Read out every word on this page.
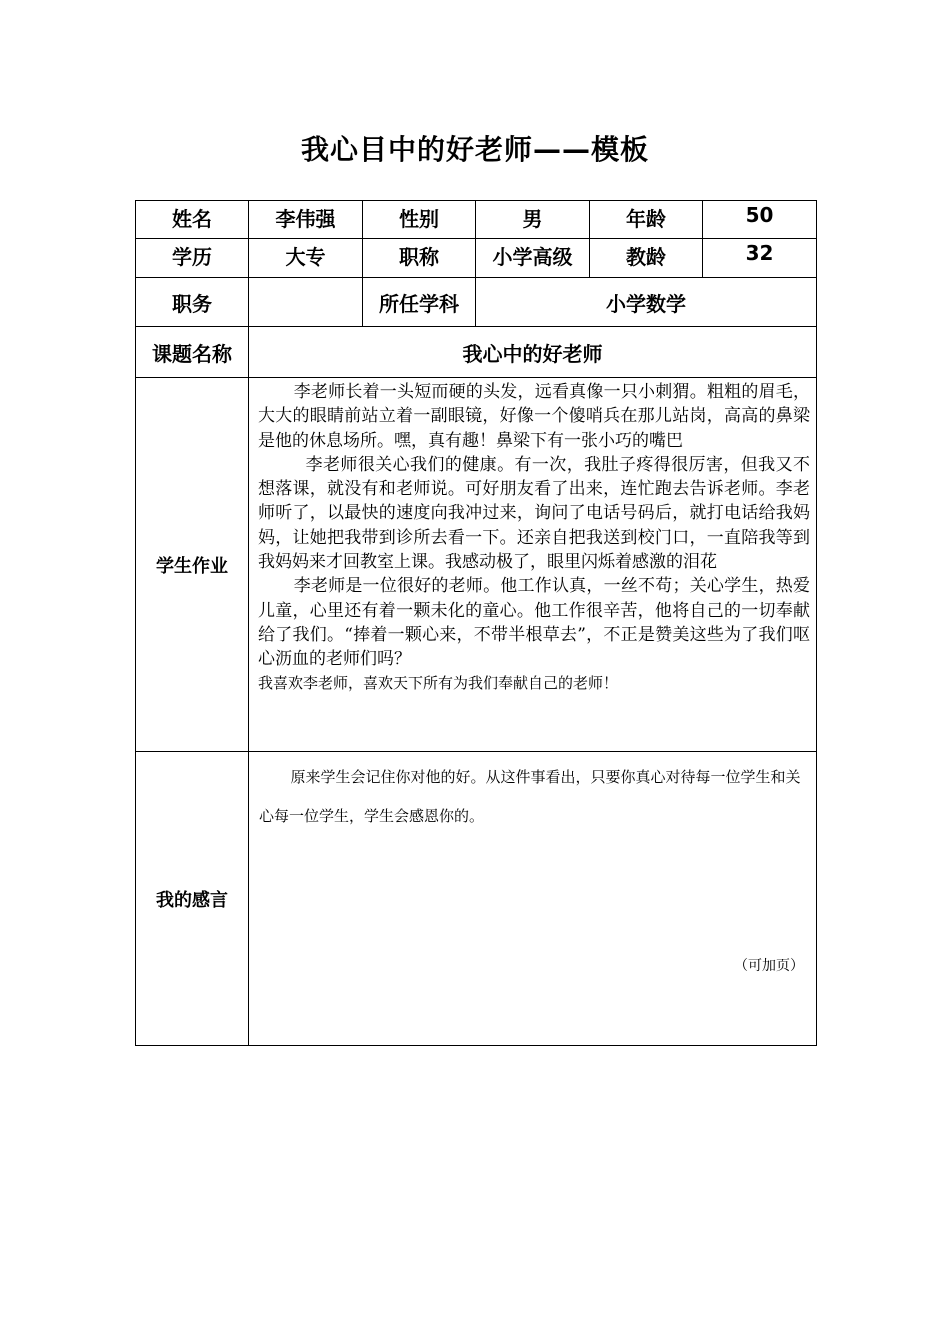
我心目中的好老师——模板
姓名	李伟强	性别	男	年龄	50
学历	大专	职称	小学高级	教龄	32
职务		所任学科	小学数学		
课题名称	我心中的好老师				
学生作业	李老师长着一头短而硬的头发，远看真像一只小刺猬。粗粗的眉毛，大大的眼睛前站立着一副眼镜，好像一个傻哨兵在那儿站岗，高高的鼻梁是他的休息场所。嘿，真有趣！鼻梁下有一张小巧的嘴巴

李老师很关心我们的健康。有一次，我肚子疼得很厉害，但我又不想落课，就没有和老师说。可好朋友看了出来，连忙跑去告诉老师。李老师听了，以最快的速度向我冲过来，询问了电话号码后，就打电话给我妈妈，让她把我带到诊所去看一下。还亲自把我送到校门口，一直陪我等到我妈妈来才回教室上课。我感动极了，眼里闪烁着感激的泪花

李老师是一位很好的老师。他工作认真，一丝不苟；关心学生，热爱儿童，心里还有着一颗未化的童心。他工作很辛苦，他将自己的一切奉献给了我们。“捧着一颗心来，不带半根草去”，不正是赞美这些为了我们呕心沥血的老师们吗？

我喜欢李老师，喜欢天下所有为我们奉献自己的老师！				

我的感言	原来学生会记住你对他的好。从这件事看出，只要你真心对待每一位学生和关心每一位学生，学生会感恩你的。

（可加页）				
